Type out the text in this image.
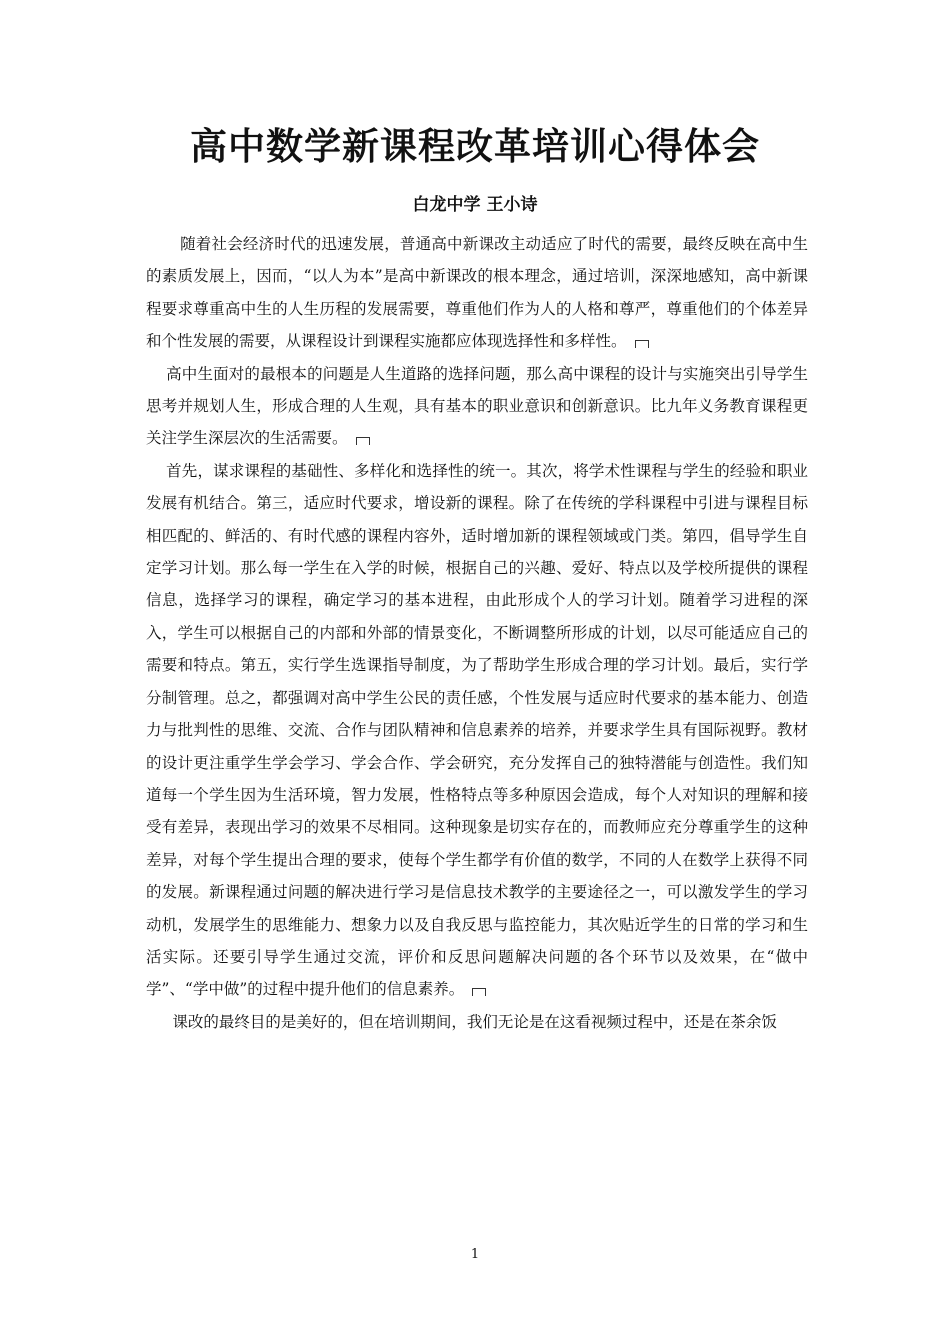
高中数学新课程改革培训心得体会
白龙中学 王小诗

随着社会经济时代的迅速发展，普通高中新课改主动适应了时代的需要，最终反映在高中生的素质发展上，因而，“以人为本”是高中新课改的根本理念，通过培训，深深地感知，高中新课程要求尊重高中生的人生历程的发展需要，尊重他们作为人的人格和尊严，尊重他们的个体差异和个性发展的需要，从课程设计到课程实施都应体现选择性和多样性。

高中生面对的最根本的问题是人生道路的选择问题，那么高中课程的设计与实施突出引导学生思考并规划人生，形成合理的人生观，具有基本的职业意识和创新意识。比九年义务教育课程更关注学生深层次的生活需要。

首先，谋求课程的基础性、多样化和选择性的统一。其次，将学术性课程与学生的经验和职业发展有机结合。第三，适应时代要求，增设新的课程。除了在传统的学科课程中引进与课程目标相匹配的、鲜活的、有时代感的课程内容外，适时增加新的课程领域或门类。第四，倡导学生自定学习计划。那么每一学生在入学的时候，根据自己的兴趣、爱好、特点以及学校所提供的课程信息，选择学习的课程，确定学习的基本进程，由此形成个人的学习计划。随着学习进程的深入，学生可以根据自己的内部和外部的情景变化，不断调整所形成的计划，以尽可能适应自己的需要和特点。第五，实行学生选课指导制度，为了帮助学生形成合理的学习计划。最后，实行学分制管理。总之，都强调对高中学生公民的责任感，个性发展与适应时代要求的基本能力、创造力与批判性的思维、交流、合作与团队精神和信息素养的培养，并要求学生具有国际视野。教材的设计更注重学生学会学习、学会合作、学会研究，充分发挥自己的独特潜能与创造性。我们知道每一个学生因为生活环境，智力发展，性格特点等多种原因会造成，每个人对知识的理解和接受有差异，表现出学习的效果不尽相同。这种现象是切实存在的，而教师应充分尊重学生的这种差异，对每个学生提出合理的要求，使每个学生都学有价值的数学，不同的人在数学上获得不同的发展。新课程通过问题的解决进行学习是信息技术教学的主要途径之一，可以激发学生的学习动机，发展学生的思维能力、想象力以及自我反思与监控能力，其次贴近学生的日常的学习和生活实际。还要引导学生通过交流，评价和反思问题解决问题的各个环节以及效果，在“做中学”、“学中做”的过程中提升他们的信息素养。

课改的最终目的是美好的，但在培训期间，我们无论是在这看视频过程中，还是在茶余饭

1
